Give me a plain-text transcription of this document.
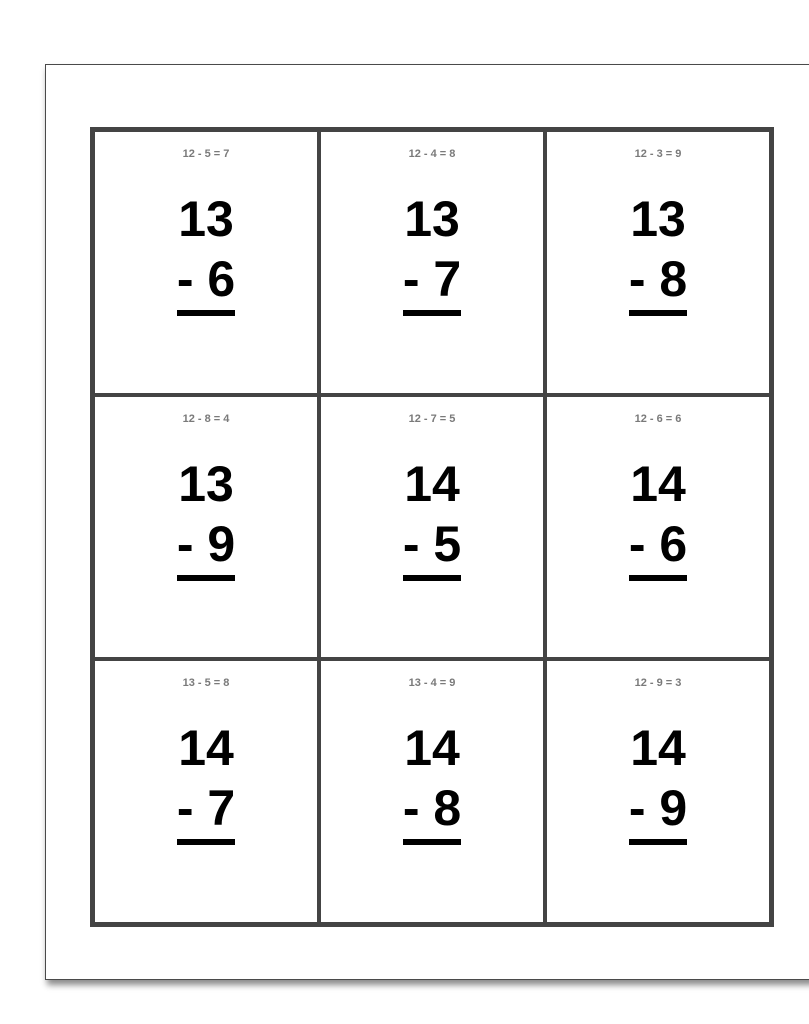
12 - 5 = 7
13
- 6
12 - 4 = 8
13
- 7
12 - 3 = 9
13
- 8
12 - 8 = 4
13
- 9
12 - 7 = 5
14
- 5
12 - 6 = 6
14
- 6
13 - 5 = 8
14
- 7
13 - 4 = 9
14
- 8
12 - 9 = 3
14
- 9
